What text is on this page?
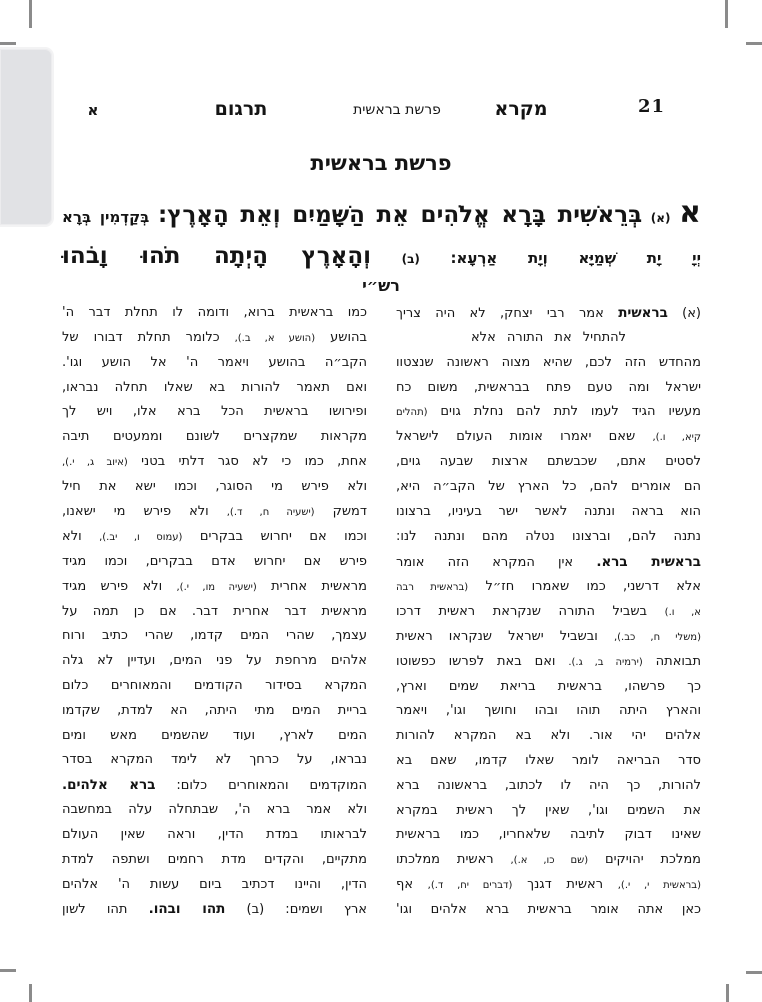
21
מקרא
פרשת בראשית
תרגום
א
פרשת בראשית
א (א) בְּרֵאשִׁית בָּרָא אֱלֹהִים אֵת הַשָּׁמַיִם וְאֵת הָאָרֶץ: בְּקַדְמִין בְּרָא
יְיָ יָת שְׁמַיָּא וְיָת אַרְעָא: (ב) וְהָאָרֶץ הָיְתָה תֹהוּ וָבֹהוּ
רש״י
(א) בראשית אמר רבי יצחק, לא היה צריך
להתחיל את התורה אלא
מהחדש הזה לכם, שהיא מצוה ראשונה שנצטוו
ישראל ומה טעם פתח בבראשית, משום כח
מעשיו הגיד לעמו לתת להם נחלת גוים (תהלים
קיא, ו.), שאם יאמרו אומות העולם לישראל
לסטים אתם, שכבשתם ארצות שבעה גוים,
הם אומרים להם, כל הארץ של הקב״ה היא,
הוא בראה ונתנה לאשר ישר בעיניו, ברצונו
נתנה להם, וברצונו נטלה מהם ונתנה לנו:
בראשית ברא. אין המקרא הזה אומר
אלא דרשני, כמו שאמרו חז״ל (בראשית רבה
א, ו.) בשביל התורה שנקראת ראשית דרכו
(משלי ח, כב.), ובשביל ישראל שנקראו ראשית
תבואתה (ירמיה ב, ג.). ואם באת לפרשו כפשוטו
כך פרשהו, בראשית בריאת שמים וארץ,
והארץ היתה תוהו ובהו וחושך וגו', ויאמר
אלהים יהי אור. ולא בא המקרא להורות
סדר הבריאה לומר שאלו קדמו, שאם בא
להורות, כך היה לו לכתוב, בראשונה ברא
את השמים וגו', שאין לך ראשית במקרא
שאינו דבוק לתיבה שלאחריו, כמו בראשית
ממלכת יהויקים (שם כו, א.), ראשית ממלכתו
(בראשית י, י.), ראשית דגנך (דברים יח, ד.), אף
כאן אתה אומר בראשית ברא אלהים וגו'
כמו בראשית ברוא, ודומה לו תחלת דבר ה'
בהושע (הושע א, ב.), כלומר תחלת דבורו של
הקב״ה בהושע ויאמר ה' אל הושע וגו'.
ואם תאמר להורות בא שאלו תחלה נבראו,
ופירושו בראשית הכל ברא אלו, ויש לך
מקראות שמקצרים לשונם וממעטים תיבה
אחת, כמו כי לא סגר דלתי בטני (איוב ג, י.),
ולא פירש מי הסוגר, וכמו ישא את חיל
דמשק (ישעיה ח, ד.), ולא פירש מי ישאנו,
וכמו אם יחרוש בבקרים (עמוס ו, יב.), ולא
פירש אם יחרוש אדם בבקרים, וכמו מגיד
מראשית אחרית (ישעיה מו, י.), ולא פירש מגיד
מראשית דבר אחרית דבר. אם כן תמה על
עצמך, שהרי המים קדמו, שהרי כתיב ורוח
אלהים מרחפת על פני המים, ועדיין לא גלה
המקרא בסידור הקודמים והמאוחרים כלום
בריית המים מתי היתה, הא למדת, שקדמו
המים לארץ, ועוד שהשמים מאש ומים
נבראו, על כרחך לא לימד המקרא בסדר
המוקדמים והמאוחרים כלום: ברא אלהים.
ולא אמר ברא ה', שבתחלה עלה במחשבה
לבראותו במדת הדין, וראה שאין העולם
מתקיים, והקדים מדת רחמים ושתפה למדת
הדין, והיינו דכתיב ביום עשות ה' אלהים
ארץ ושמים: (ב) תהו ובהו. תהו לשון
